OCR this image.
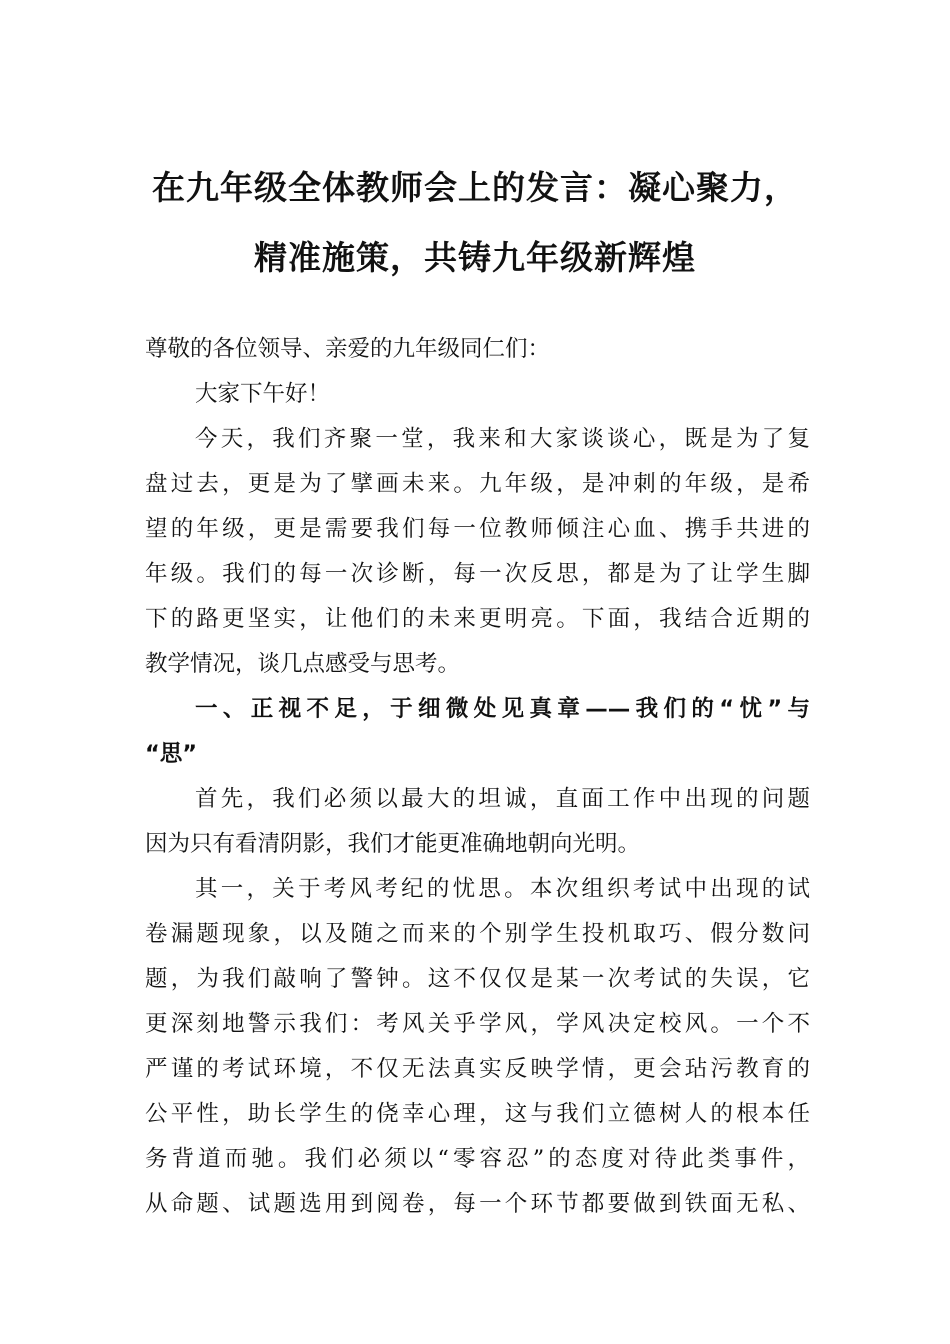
在九年级全体教师会上的发言：凝心聚力，
精准施策，共铸九年级新辉煌
尊敬的各位领导、亲爱的九年级同仁们：
大家下午好！
今天，我们齐聚一堂，我来和大家谈谈心，既是为了复
盘过去，更是为了擘画未来。九年级，是冲刺的年级，是希
望的年级，更是需要我们每一位教师倾注心血、携手共进的
年级。我们的每一次诊断，每一次反思，都是为了让学生脚
下的路更坚实，让他们的未来更明亮。下面，我结合近期的
教学情况，谈几点感受与思考。
一、正视不足，于细微处见真章——我们的“忧”与
“思”
首先，我们必须以最大的坦诚，直面工作中出现的问题
因为只有看清阴影，我们才能更准确地朝向光明。
其一，关于考风考纪的忧思。本次组织考试中出现的试
卷漏题现象，以及随之而来的个别学生投机取巧、假分数问
题，为我们敲响了警钟。这不仅仅是某一次考试的失误，它
更深刻地警示我们：考风关乎学风，学风决定校风。一个不
严谨的考试环境，不仅无法真实反映学情，更会玷污教育的
公平性，助长学生的侥幸心理，这与我们立德树人的根本任
务背道而驰。我们必须以“零容忍”的态度对待此类事件，
从命题、试题选用到阅卷，每一个环节都要做到铁面无私、
